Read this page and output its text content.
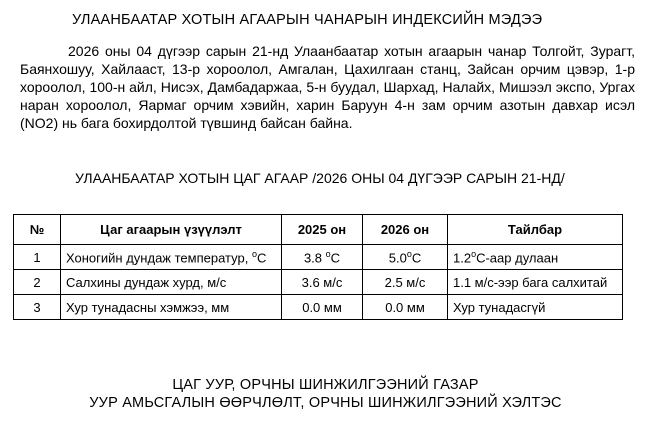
УЛААНБААТАР ХОТЫН АГААРЫН ЧАНАРЫН ИНДЕКСИЙН МЭДЭЭ
2026 оны 04 дүгээр сарын 21-нд Улаанбаатар хотын агаарын чанар Толгойт, Зурагт, Баянхошуу, Хайлааст, 13-р хороолол, Амгалан, Цахилгаан станц, Зайсан орчим цэвэр, 1-р хороолол, 100-н айл, Нисэх, Дамбадаржаа, 5-н буудал, Шархад, Налайх, Мишээл экспо, Ургах наран хороолол, Яармаг орчим хэвийн, харин Баруун 4-н зам орчим азотын давхар исэл (NO2) нь бага бохирдолтой түвшинд байсан байна.
УЛААНБААТАР ХОТЫН ЦАГ АГААР /2026 ОНЫ 04 ДҮГЭЭР САРЫН 21-НД/
№	Цаг агаарын үзүүлэлт	2025 он	2026 он	Тайлбар
1	Хоногийн дундаж температур, $^о$С	3.8 $^о$С	$5.0^оС$	$1.2^оС$-аар дулаан
2	Салхины дундаж хурд, м/с	3.6 м/с	2.5 м/с	1.1 м/с-ээр бага салхитай
3	Хур тунадасны хэмжээ, мм	0.0 мм	0.0 мм	Хур тунадасгүй
ЦАГ УУР, ОРЧНЫ ШИНЖИЛГЭЭНИЙ ГАЗАР
УУР АМЬСГАЛЫН ӨӨРЧЛӨЛТ, ОРЧНЫ ШИНЖИЛГЭЭНИЙ ХЭЛТЭС
